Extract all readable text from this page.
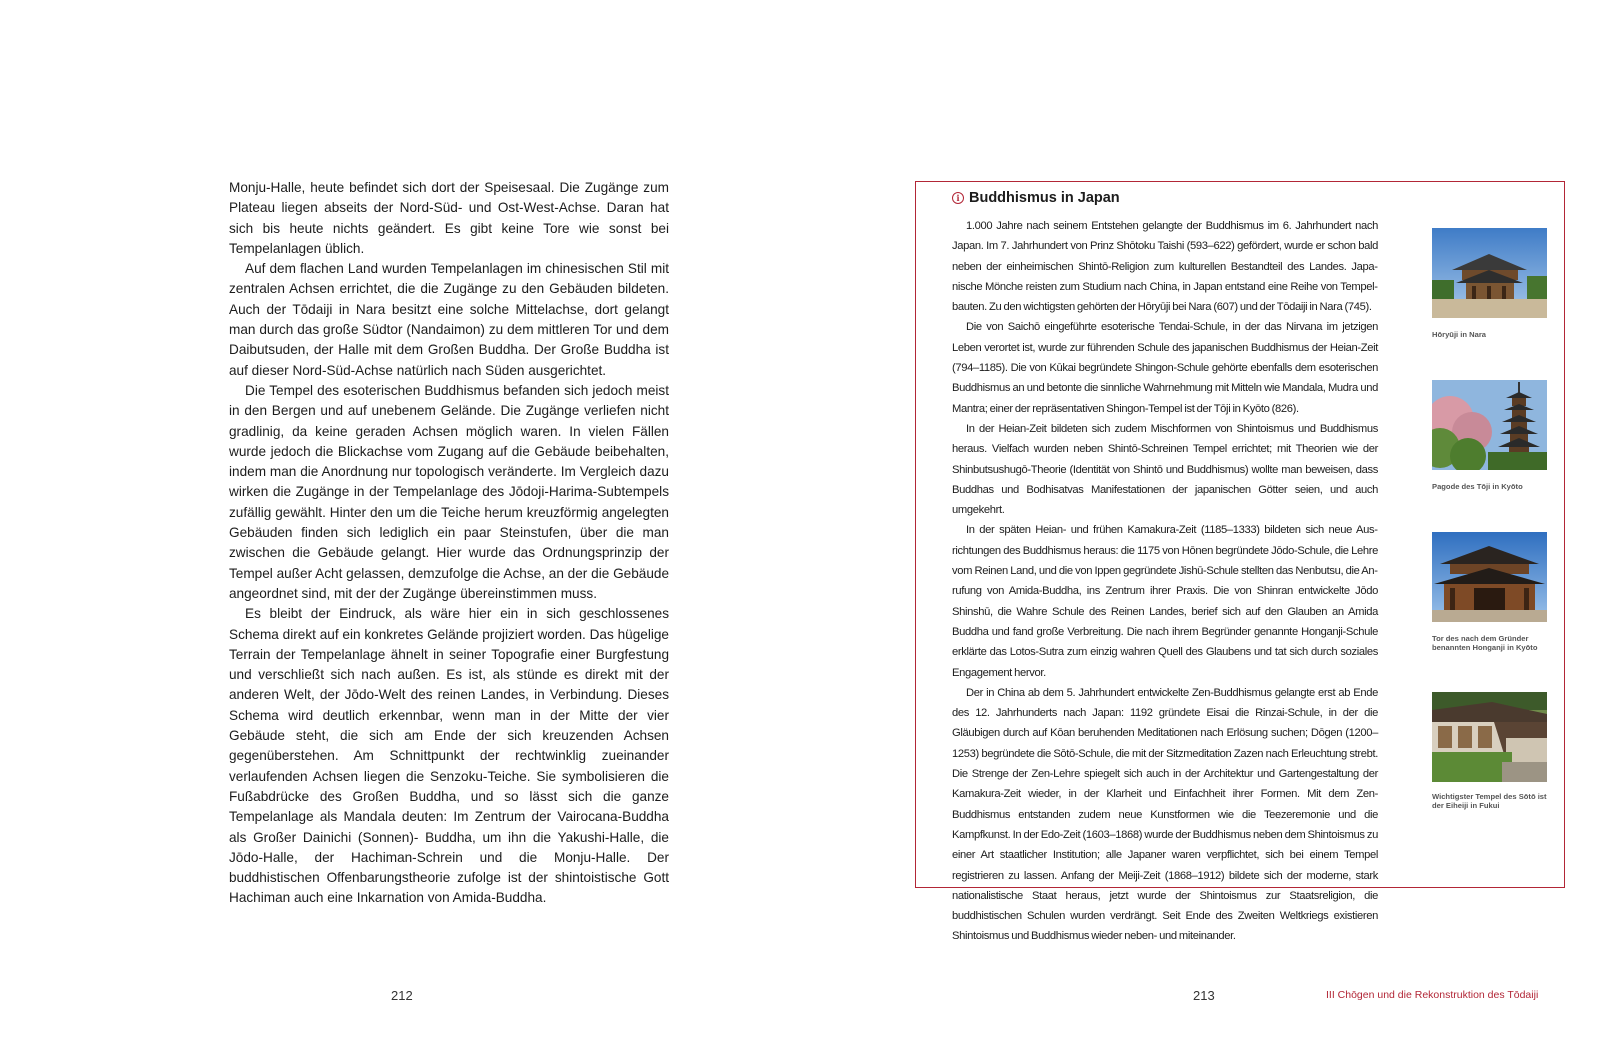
Monju-Halle, heute befindet sich dort der Speisesaal. Die Zugänge zum Plateau liegen abseits der Nord-Süd- und Ost-West-Achse. Daran hat sich bis heute nichts geändert. Es gibt keine Tore wie sonst bei Tempelanlagen üblich.

Auf dem flachen Land wurden Tempelanlagen im chinesischen Stil mit zentralen Achsen errichtet, die die Zugänge zu den Gebäuden bildeten. Auch der Tōdaiji in Nara besitzt eine solche Mittelachse, dort gelangt man durch das große Südtor (Nandaimon) zu dem mittleren Tor und dem Daibutsuden, der Halle mit dem Großen Buddha. Der Große Buddha ist auf dieser Nord-Süd-Achse natürlich nach Süden ausgerichtet.

Die Tempel des esoterischen Buddhismus befanden sich jedoch meist in den Bergen und auf unebenem Gelände. Die Zugänge verliefen nicht gradlinig, da keine geraden Achsen möglich waren. In vielen Fällen wurde jedoch die Blickachse vom Zugang auf die Gebäude beibehalten, indem man die Anordnung nur topologisch veränderte. Im Vergleich dazu wirken die Zugänge in der Tempelanlage des Jōdoji-Harima-Subtempels zufällig gewählt. Hinter den um die Teiche herum kreuzförmig angelegten Gebäuden finden sich lediglich ein paar Steinstufen, über die man zwischen die Gebäude gelangt. Hier wurde das Ordnungsprinzip der Tempel außer Acht gelassen, demzufolge die Achse, an der die Gebäude angeordnet sind, mit der der Zugänge übereinstimmen muss.

Es bleibt der Eindruck, als wäre hier ein in sich geschlossenes Schema direkt auf ein konkretes Gelände projiziert worden. Das hügelige Terrain der Tempelanlage ähnelt in seiner Topografie einer Burgfestung und verschließt sich nach außen. Es ist, als stünde es direkt mit der anderen Welt, der Jōdo-Welt des reinen Landes, in Verbindung. Dieses Schema wird deutlich erkennbar, wenn man in der Mitte der vier Gebäude steht, die sich am Ende der sich kreuzenden Achsen gegenüberstehen. Am Schnittpunkt der rechtwinklig zueinander verlaufenden Achsen liegen die Senzoku-Teiche. Sie symbolisieren die Fußabdrücke des Großen Buddha, und so lässt sich die ganze Tempelanlage als Mandala deuten: Im Zentrum der Vairocana-Buddha als Großer Dainichi (Sonnen)- Buddha, um ihn die Yakushi-Halle, die Jōdo-Halle, der Hachiman-Schrein und die Monju-Halle. Der buddhistischen Offenbarungstheorie zufolge ist der shintoistische Gott Hachiman auch eine Inkarnation von Amida-Buddha.

212
i Buddhismus in Japan

1.000 Jahre nach seinem Entstehen gelangte der Buddhismus im 6. Jahrhundert nach Japan. Im 7. Jahrhundert von Prinz Shōtoku Taishi (593–622) gefördert, wurde er schon bald neben der einheimischen Shintō-Religion zum kulturellen Bestandteil des Landes. Japanische Mönche reisten zum Studium nach China, in Japan entstand eine Reihe von Tempelbauten. Zu den wichtigsten gehörten der Hōryūji bei Nara (607) und der Tōdaiji in Nara (745).

Die von Saichō eingeführte esoterische Tendai-Schule, in der das Nirvana im jetzigen Leben verortet ist, wurde zur führenden Schule des japanischen Buddhismus der Heian-Zeit (794–1185). Die von Kūkai begründete Shingon-Schule gehörte ebenfalls dem esoterischen Buddhismus an und betonte die sinnliche Wahrnehmung mit Mitteln wie Mandala, Mudra und Mantra; einer der repräsentativen Shingon-Tempel ist der Tōji in Kyōto (826).

In der Heian-Zeit bildeten sich zudem Mischformen von Shintoismus und Buddhismus heraus. Vielfach wurden neben Shintō-Schreinen Tempel errichtet; mit Theorien wie der Shinbutsushugō-Theorie (Identität von Shintō und Buddhismus) wollte man beweisen, dass Buddhas und Bodhisatvas Manifestationen der japanischen Götter seien, und auch umgekehrt.

In der späten Heian- und frühen Kamakura-Zeit (1185–1333) bildeten sich neue Ausrichtungen des Buddhismus heraus: die 1175 von Hōnen begründete Jōdo-Schule, die Lehre vom Reinen Land, und die von Ippen gegründete Jishū-Schule stellten das Nenbutsu, die Anrufung von Amida-Buddha, ins Zentrum ihrer Praxis. Die von Shinran entwickelte Jōdo Shinshū, die Wahre Schule des Reinen Landes, berief sich auf den Glauben an Amida Buddha und fand große Verbreitung. Die nach ihrem Begründer genannte Honganji-Schule erklärte das Lotos-Sutra zum einzig wahren Quell des Glaubens und tat sich durch soziales Engagement hervor.

Der in China ab dem 5. Jahrhundert entwickelte Zen-Buddhismus gelangte erst ab Ende des 12. Jahrhunderts nach Japan: 1192 gründete Eisai die Rinzai-Schule, in der die Gläubigen durch auf Kōan beruhenden Meditationen nach Erlösung suchen; Dōgen (1200–1253) begründete die Sōtō-Schule, die mit der Sitzmeditation Zazen nach Erleuchtung strebt. Die Strenge der Zen-Lehre spiegelt sich auch in der Architektur und Gartengestaltung der Kamakura-Zeit wieder, in der Klarheit und Einfachheit ihrer Formen. Mit dem Zen-Buddhismus entstanden zudem neue Kunstformen wie die Teezeremonie und die Kampfkunst. In der Edo-Zeit (1603–1868) wurde der Buddhismus neben dem Shintoismus zu einer Art staatlicher Institution; alle Japaner waren verpflichtet, sich bei einem Tempel registrieren zu lassen. Anfang der Meiji-Zeit (1868–1912) bildete sich der moderne, stark nationalistische Staat heraus, jetzt wurde der Shintoismus zur Staatsreligion, die buddhistischen Schulen wurden verdrängt. Seit Ende des Zweiten Weltkriegs existieren Shintoismus und Buddhismus wieder neben- und miteinander.

Hōryūji in Nara
Pagode des Tōji in Kyōto
Tor des nach dem Gründer benannten Honganji in Kyōto
Wichtigster Tempel des Sōtō ist der Eiheiji in Fukui
213	III Chōgen und die Rekonstruktion des Tōdaiji
